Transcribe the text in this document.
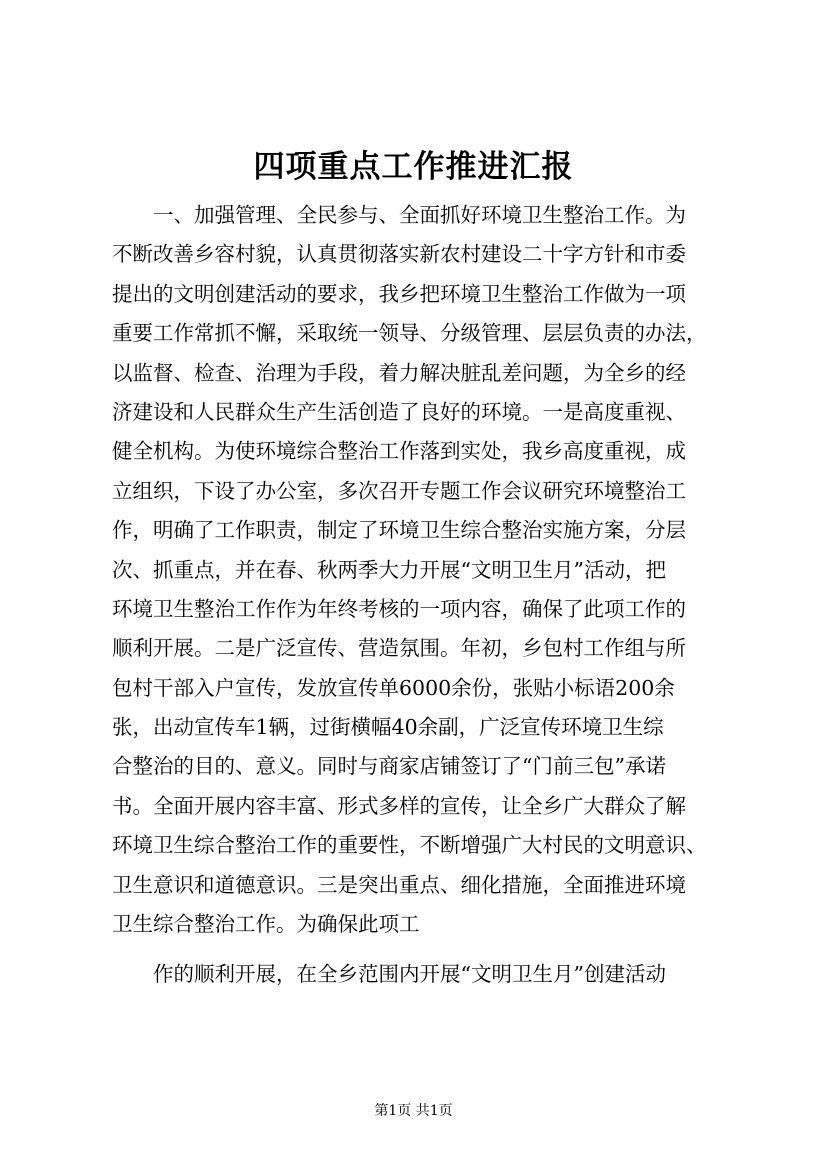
四项重点工作推进汇报
　　一、加强管理、全民参与、全面抓好环境卫生整治工作。为
不断改善乡容村貌，认真贯彻落实新农村建设二十字方针和市委
提出的文明创建活动的要求，我乡把环境卫生整治工作做为一项
重要工作常抓不懈，采取统一领导、分级管理、层层负责的办法，
以监督、检查、治理为手段，着力解决脏乱差问题，为全乡的经
济建设和人民群众生产生活创造了良好的环境。一是高度重视、
健全机构。为使环境综合整治工作落到实处，我乡高度重视，成
立组织，下设了办公室，多次召开专题工作会议研究环境整治工
作，明确了工作职责，制定了环境卫生综合整治实施方案，分层
次、抓重点，并在春、秋两季大力开展“文明卫生月”活动，把
环境卫生整治工作作为年终考核的一项内容，确保了此项工作的
顺利开展。二是广泛宣传、营造氛围。年初，乡包村工作组与所
包村干部入户宣传，发放宣传单6000余份，张贴小标语200余
张，出动宣传车1辆，过街横幅40余副，广泛宣传环境卫生综
合整治的目的、意义。同时与商家店铺签订了“门前三包”承诺
书。全面开展内容丰富、形式多样的宣传，让全乡广大群众了解
环境卫生综合整治工作的重要性，不断增强广大村民的文明意识、
卫生意识和道德意识。三是突出重点、细化措施，全面推进环境
卫生综合整治工作。为确保此项工
　　作的顺利开展，在全乡范围内开展“文明卫生月”创建活动
第1页 共1页
